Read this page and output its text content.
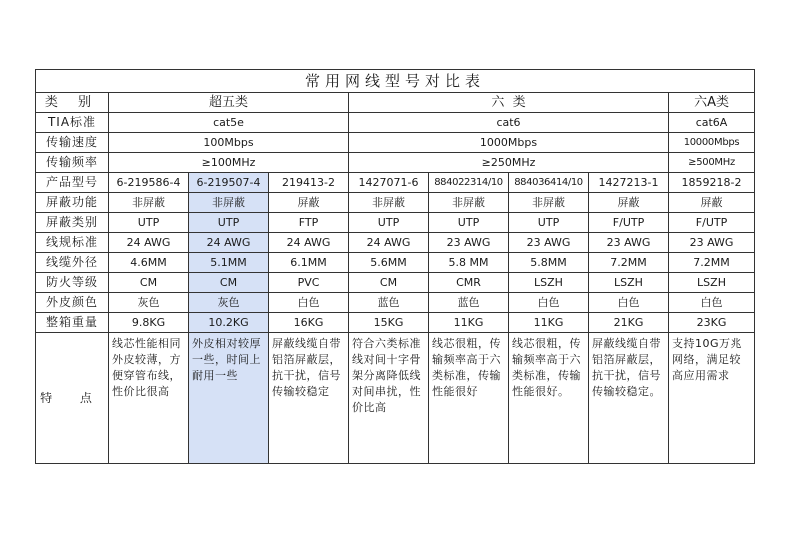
常用网线型号对比表								
类 别	超五类			六  类				六A类
TIA标准	cat5e			cat6				cat6A
传输速度	100Mbps			1000Mbps				10000Mbps
传输频率	≥100MHz			≥250MHz				≥500MHz
产品型号	6-219586-4	6-219507-4	219413-2	1427071-6	884022314/10	884036414/10	1427213-1	1859218-2
屏蔽功能	非屏蔽	非屏蔽	屏蔽	非屏蔽	非屏蔽	非屏蔽	屏蔽	屏蔽
屏蔽类别	UTP	UTP	FTP	UTP	UTP	UTP	F/UTP	F/UTP
线规标准	24 AWG	24 AWG	24 AWG	24 AWG	23 AWG	23 AWG	23 AWG	23 AWG
线缆外径	4.6MM	5.1MM	6.1MM	5.6MM	5.8 MM	5.8MM	7.2MM	7.2MM
防火等级	CM	CM	PVC	CM	CMR	LSZH	LSZH	LSZH
外皮颜色	灰色	灰色	白色	蓝色	蓝色	白色	白色	白色
整箱重量	9.8KG	10.2KG	16KG	15KG	11KG	11KG	21KG	23KG
特 点	线芯性能相同外皮较薄，方便穿管布线，性价比很高	外皮相对较厚一些，时间上耐用一些	屏蔽线缆自带铝箔屏蔽层，抗干扰，信号传输较稳定	符合六类标准线对间十字骨架分离降低线对间串扰，性价比高	线芯很粗，传输频率高于六类标准，传输性能很好	线芯很粗，传输频率高于六类标准，传输性能很好。	屏蔽线缆自带铝箔屏蔽层，抗干扰，信号传输较稳定。	支持10G万兆网络，满足较高应用需求
